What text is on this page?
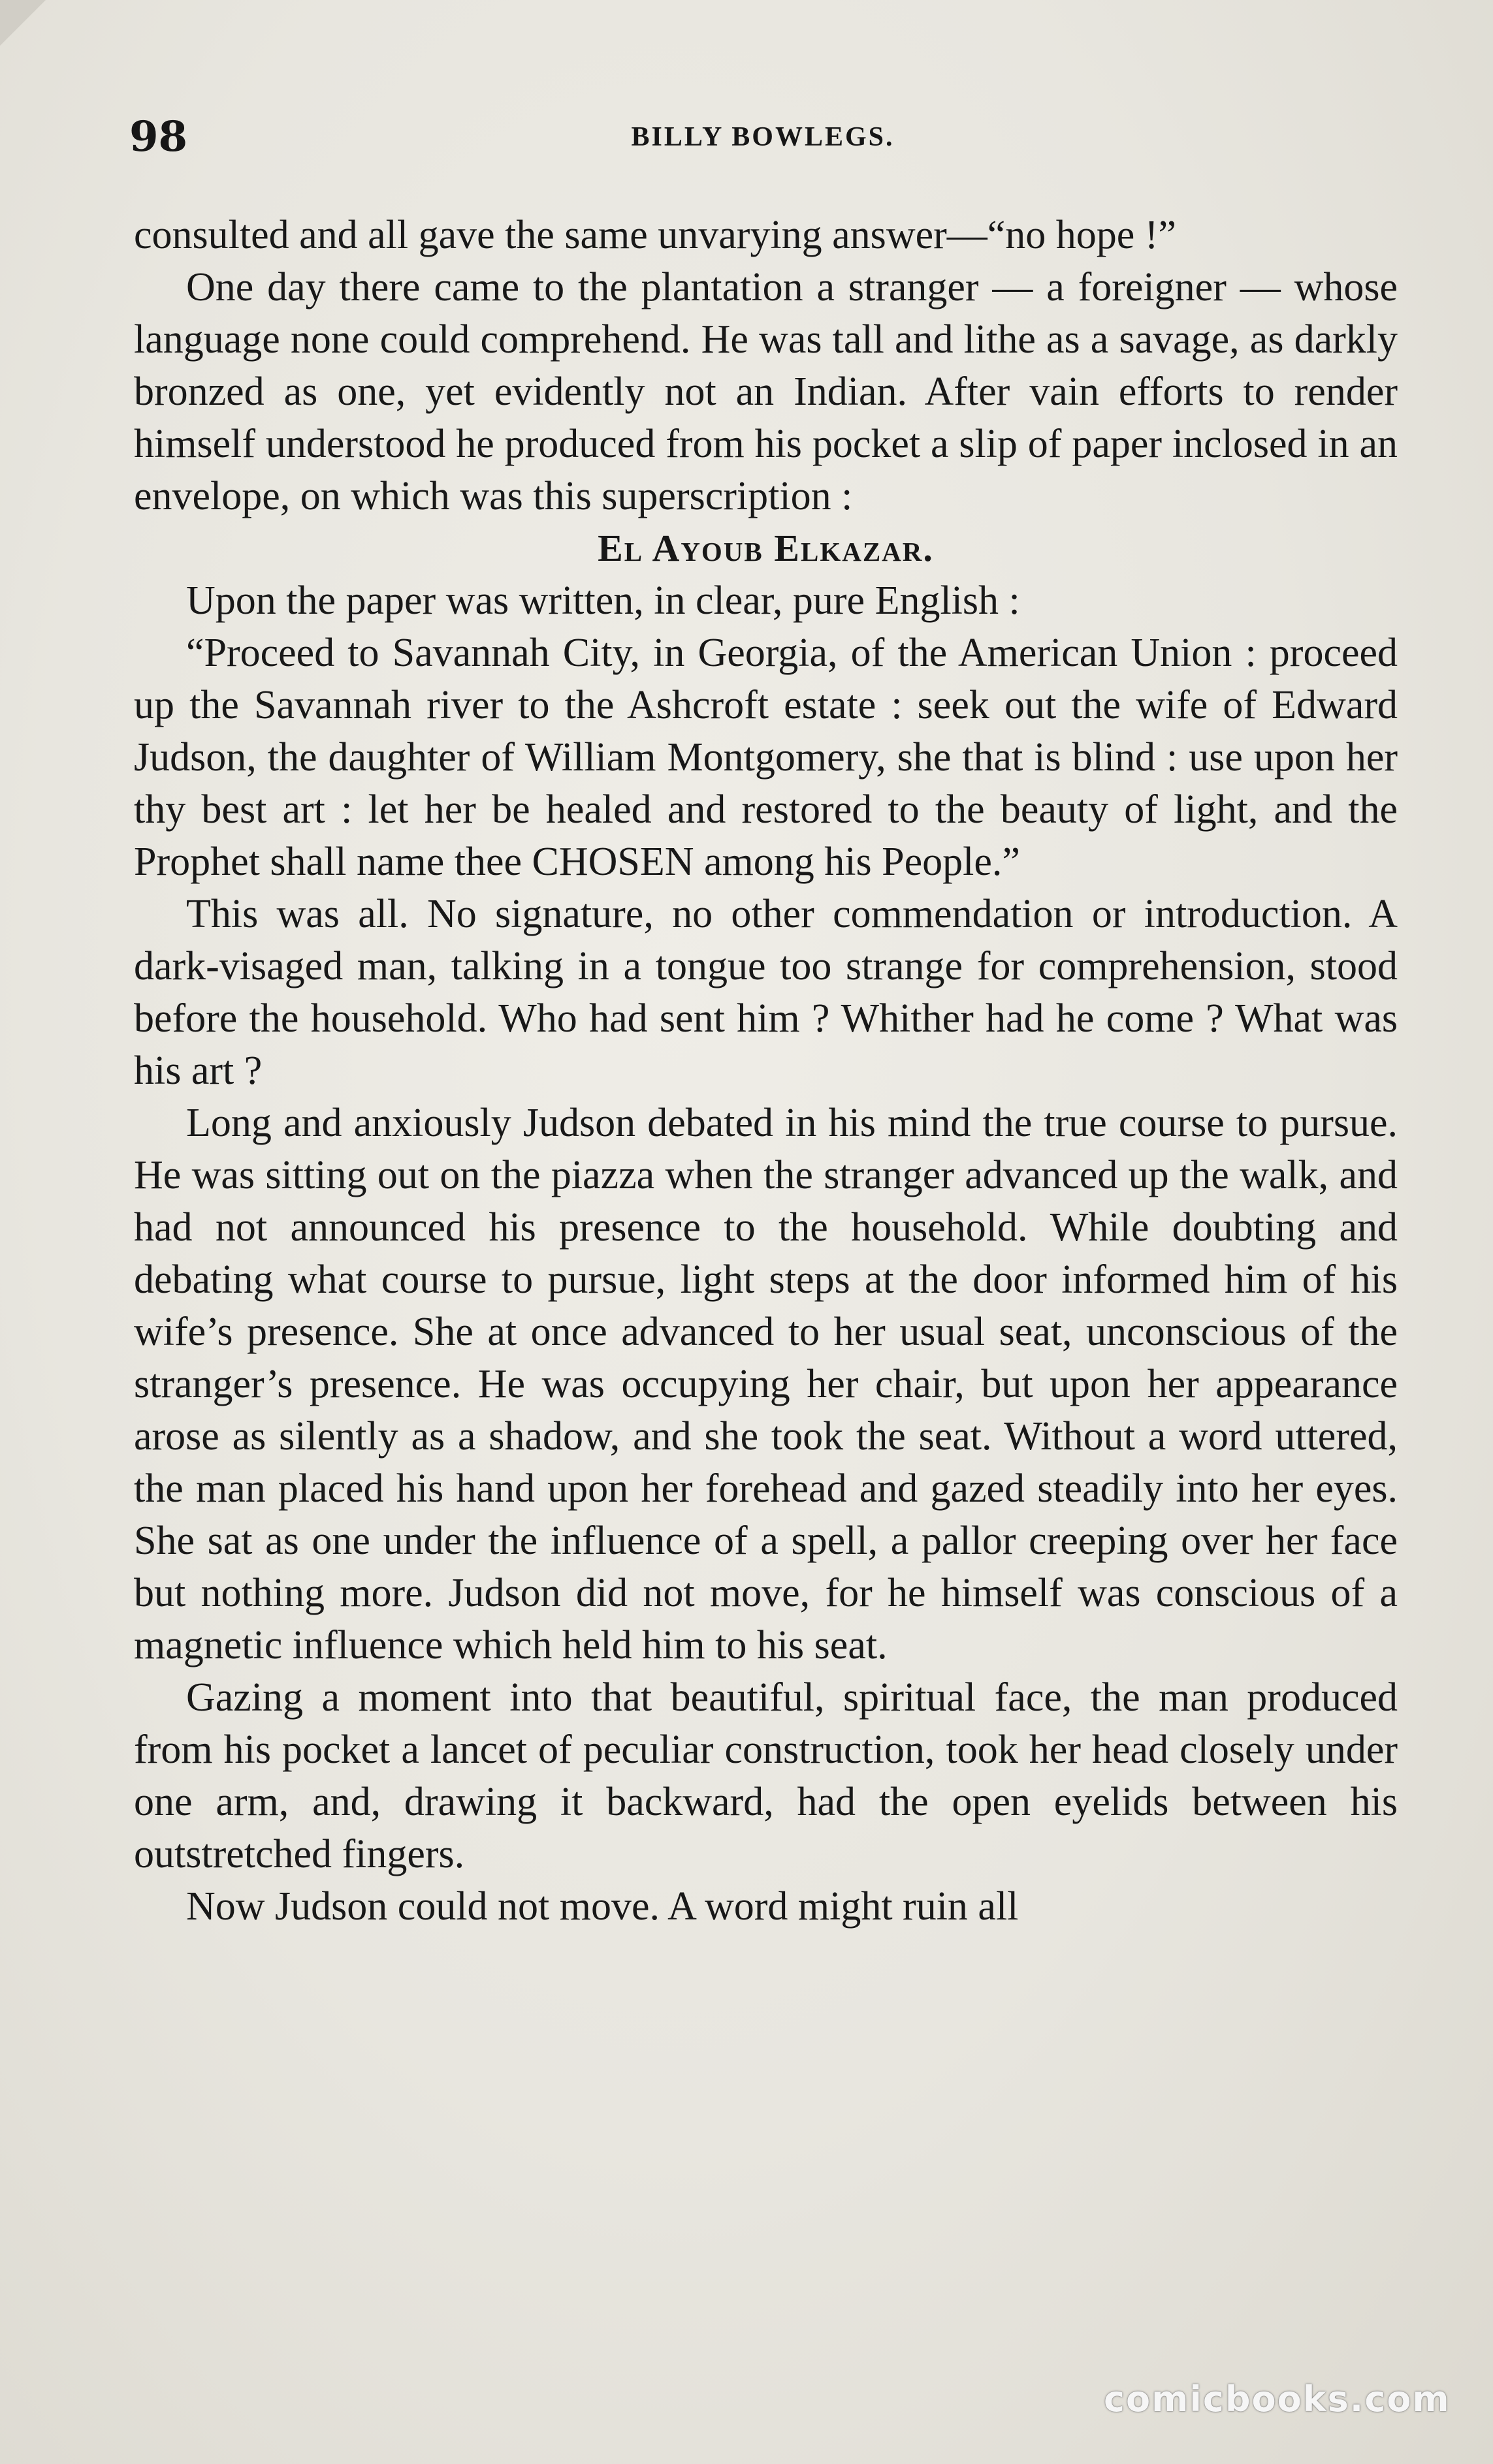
98	BILLY BOWLEGS.

consulted and all gave the same unvarying answer—“no hope !”

One day there came to the plantation a stranger — a foreigner — whose language none could comprehend. He was tall and lithe as a savage, as darkly bronzed as one, yet evidently not an Indian. After vain efforts to render himself understood he produced from his pocket a slip of paper inclosed in an envelope, on which was this superscription :

El Ayoub Elkazar.

Upon the paper was written, in clear, pure English :

“Proceed to Savannah City, in Georgia, of the American Union : proceed up the Savannah river to the Ashcroft estate : seek out the wife of Edward Judson, the daughter of William Montgomery, she that is blind : use upon her thy best art : let her be healed and restored to the beauty of light, and the Prophet shall name thee CHOSEN among his People.”

This was all. No signature, no other commendation or introduction. A dark-visaged man, talking in a tongue too strange for comprehension, stood before the household. Who had sent him ? Whither had he come ? What was his art ?

Long and anxiously Judson debated in his mind the true course to pursue. He was sitting out on the piazza when the stranger advanced up the walk, and had not announced his presence to the household. While doubting and debating what course to pursue, light steps at the door informed him of his wife’s presence. She at once advanced to her usual seat, unconscious of the stranger’s presence. He was occupying her chair, but upon her appearance arose as silently as a shadow, and she took the seat. Without a word uttered, the man placed his hand upon her forehead and gazed steadily into her eyes. She sat as one under the influence of a spell, a pallor creeping over her face but nothing more. Judson did not move, for he himself was conscious of a magnetic influence which held him to his seat.

Gazing a moment into that beautiful, spiritual face, the man produced from his pocket a lancet of peculiar construction, took her head closely under one arm, and, drawing it backward, had the open eyelids between his outstretched fingers.

Now Judson could not move. A word might ruin all

comicbooks.com
